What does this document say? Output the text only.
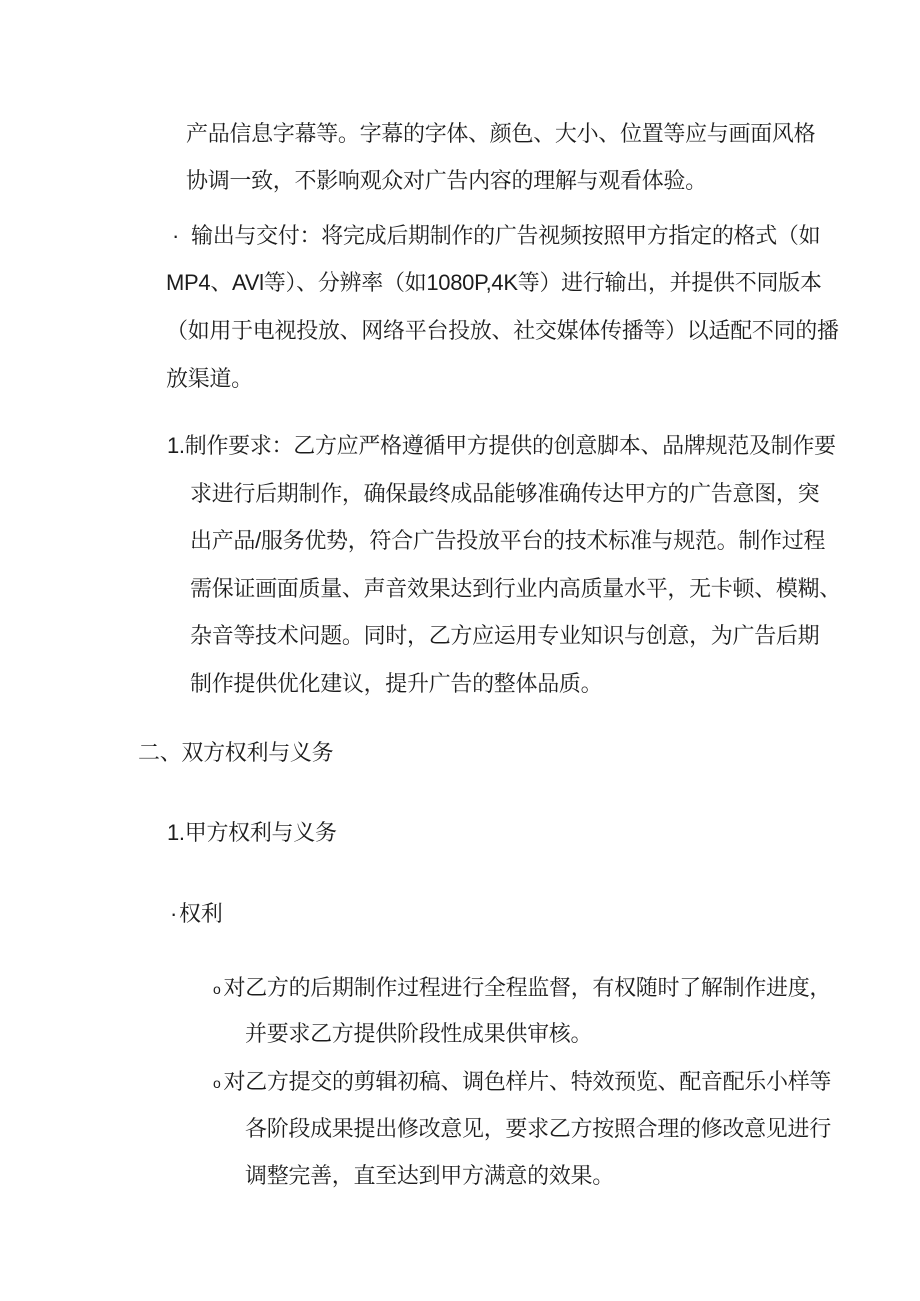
产品信息字幕等。字幕的字体、颜色、大小、位置等应与画面风格
协调一致，不影响观众对广告内容的理解与观看体验。
· 输出与交付：将完成后期制作的广告视频按照甲方指定的格式（如
MP4、AVl等）、分辨率（如1080P,4K等）进行输出，并提供不同版本
（如用于电视投放、网络平台投放、社交媒体传播等）以适配不同的播
放渠道。
1.制作要求：乙方应严格遵循甲方提供的创意脚本、品牌规范及制作要
求进行后期制作，确保最终成品能够准确传达甲方的广告意图，突
出产品/服务优势，符合广告投放平台的技术标准与规范。制作过程
需保证画面质量、声音效果达到行业内高质量水平，无卡顿、模糊、
杂音等技术问题。同时，乙方应运用专业知识与创意，为广告后期
制作提供优化建议，提升广告的整体品质。
二、双方权利与义务
1.甲方权利与义务
·权利
o 对乙方的后期制作过程进行全程监督，有权随时了解制作进度，
并要求乙方提供阶段性成果供审核。
o 对乙方提交的剪辑初稿、调色样片、特效预览、配音配乐小样等
各阶段成果提出修改意见，要求乙方按照合理的修改意见进行
调整完善，直至达到甲方满意的效果。
